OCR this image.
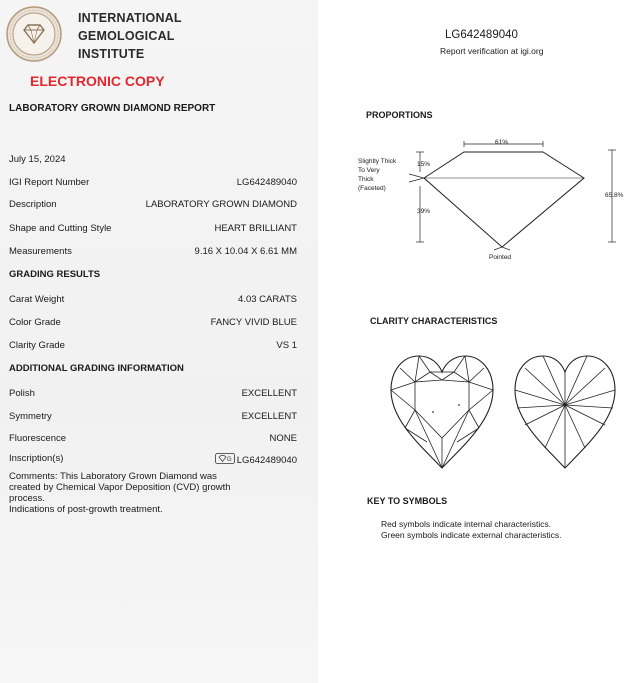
INTERNATIONAL
GEMOLOGICAL
INSTITUTE
ELECTRONIC COPY
LABORATORY GROWN DIAMOND REPORT
July 15, 2024
IGI Report Number	LG642489040
Description	LABORATORY GROWN DIAMOND
Shape and Cutting Style	HEART BRILLIANT
Measurements	9.16 X 10.04 X 6.61 MM
GRADING RESULTS
Carat Weight	4.03 CARATS
Color Grade	FANCY VIVID BLUE
Clarity Grade	VS 1
ADDITIONAL GRADING INFORMATION
Polish	EXCELLENT
Symmetry	EXCELLENT
Fluorescence	NONE
Inscription(s)	G LG642489040

Comments: This Laboratory Grown Diamond was

created by Chemical Vapor Deposition (CVD) growth

process.

Indications of post-growth treatment.

LG642489040
Report verification at igi.org
PROPORTIONS
61%
15%
39%
65.8%
Pointed
Slightly Thick
To Very
Thick
(Faceted)
CLARITY CHARACTERISTICS
KEY TO SYMBOLS
Red symbols indicate internal characteristics.
Green symbols indicate external characteristics.
